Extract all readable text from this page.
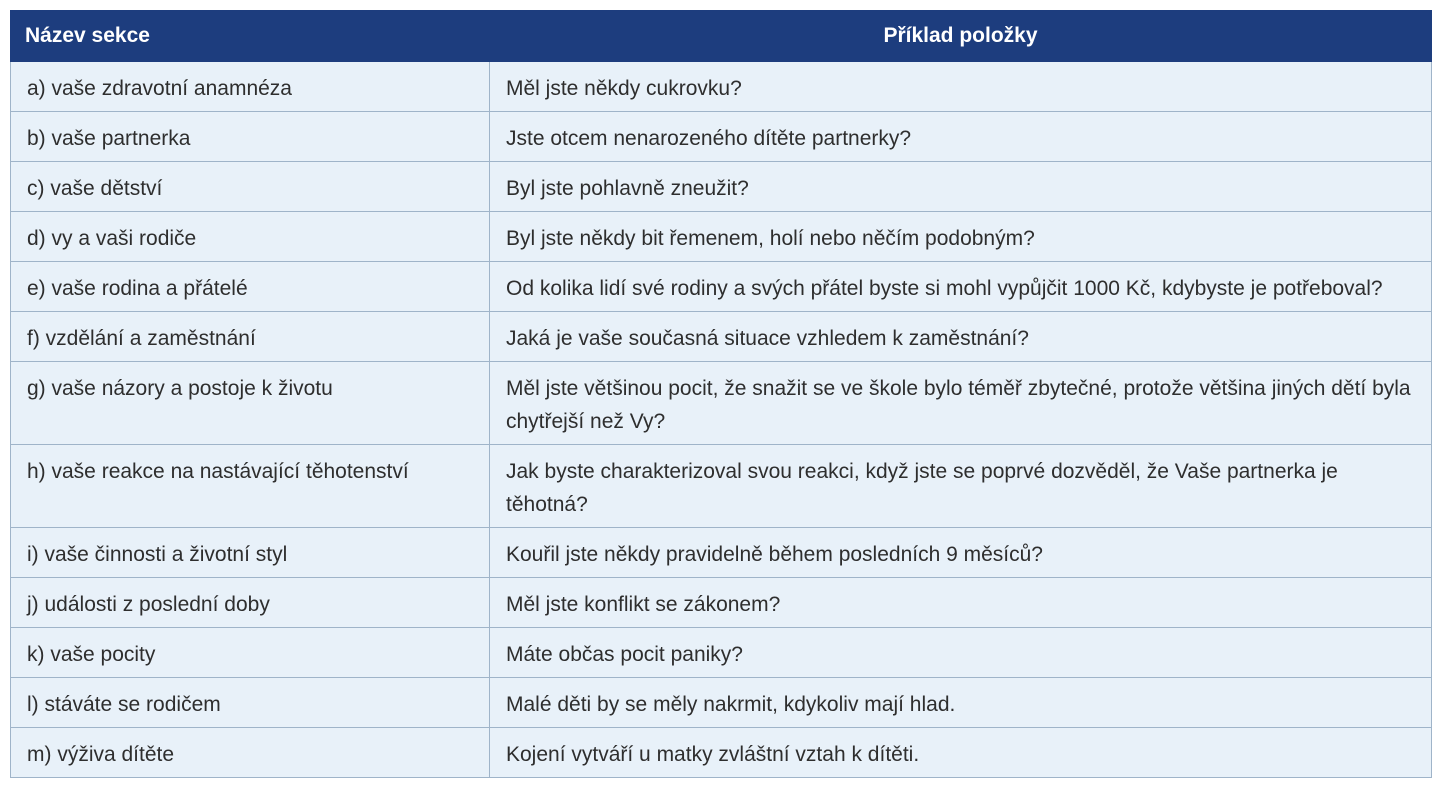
Název sekce	Příklad položky
a) vaše zdravotní anamnéza	Měl jste někdy cukrovku?
b) vaše partnerka	Jste otcem nenarozeného dítěte partnerky?
c) vaše dětství	Byl jste pohlavně zneužit?
d) vy a vaši rodiče	Byl jste někdy bit řemenem, holí nebo něčím podobným?
e) vaše rodina a přátelé	Od kolika lidí své rodiny a svých přátel byste si mohl vypůjčit 1000 Kč, kdybyste je potřeboval?
f) vzdělání a zaměstnání	Jaká je vaše současná situace vzhledem k zaměstnání?
g) vaše názory a postoje k životu	Měl jste většinou pocit, že snažit se ve škole bylo téměř zbytečné, protože většina jiných dětí byla chytřejší než Vy?
h) vaše reakce na nastávající těhotenství	Jak byste charakterizoval svou reakci, když jste se poprvé dozvěděl, že Vaše partnerka je těhotná?
i) vaše činnosti a životní styl	Kouřil jste někdy pravidelně během posledních 9 měsíců?
j) události z poslední doby	Měl jste konflikt se zákonem?
k) vaše pocity	Máte občas pocit paniky?
l) stáváte se rodičem	Malé děti by se měly nakrmit, kdykoliv mají hlad.
m) výživa dítěte	Kojení vytváří u matky zvláštní vztah k dítěti.
